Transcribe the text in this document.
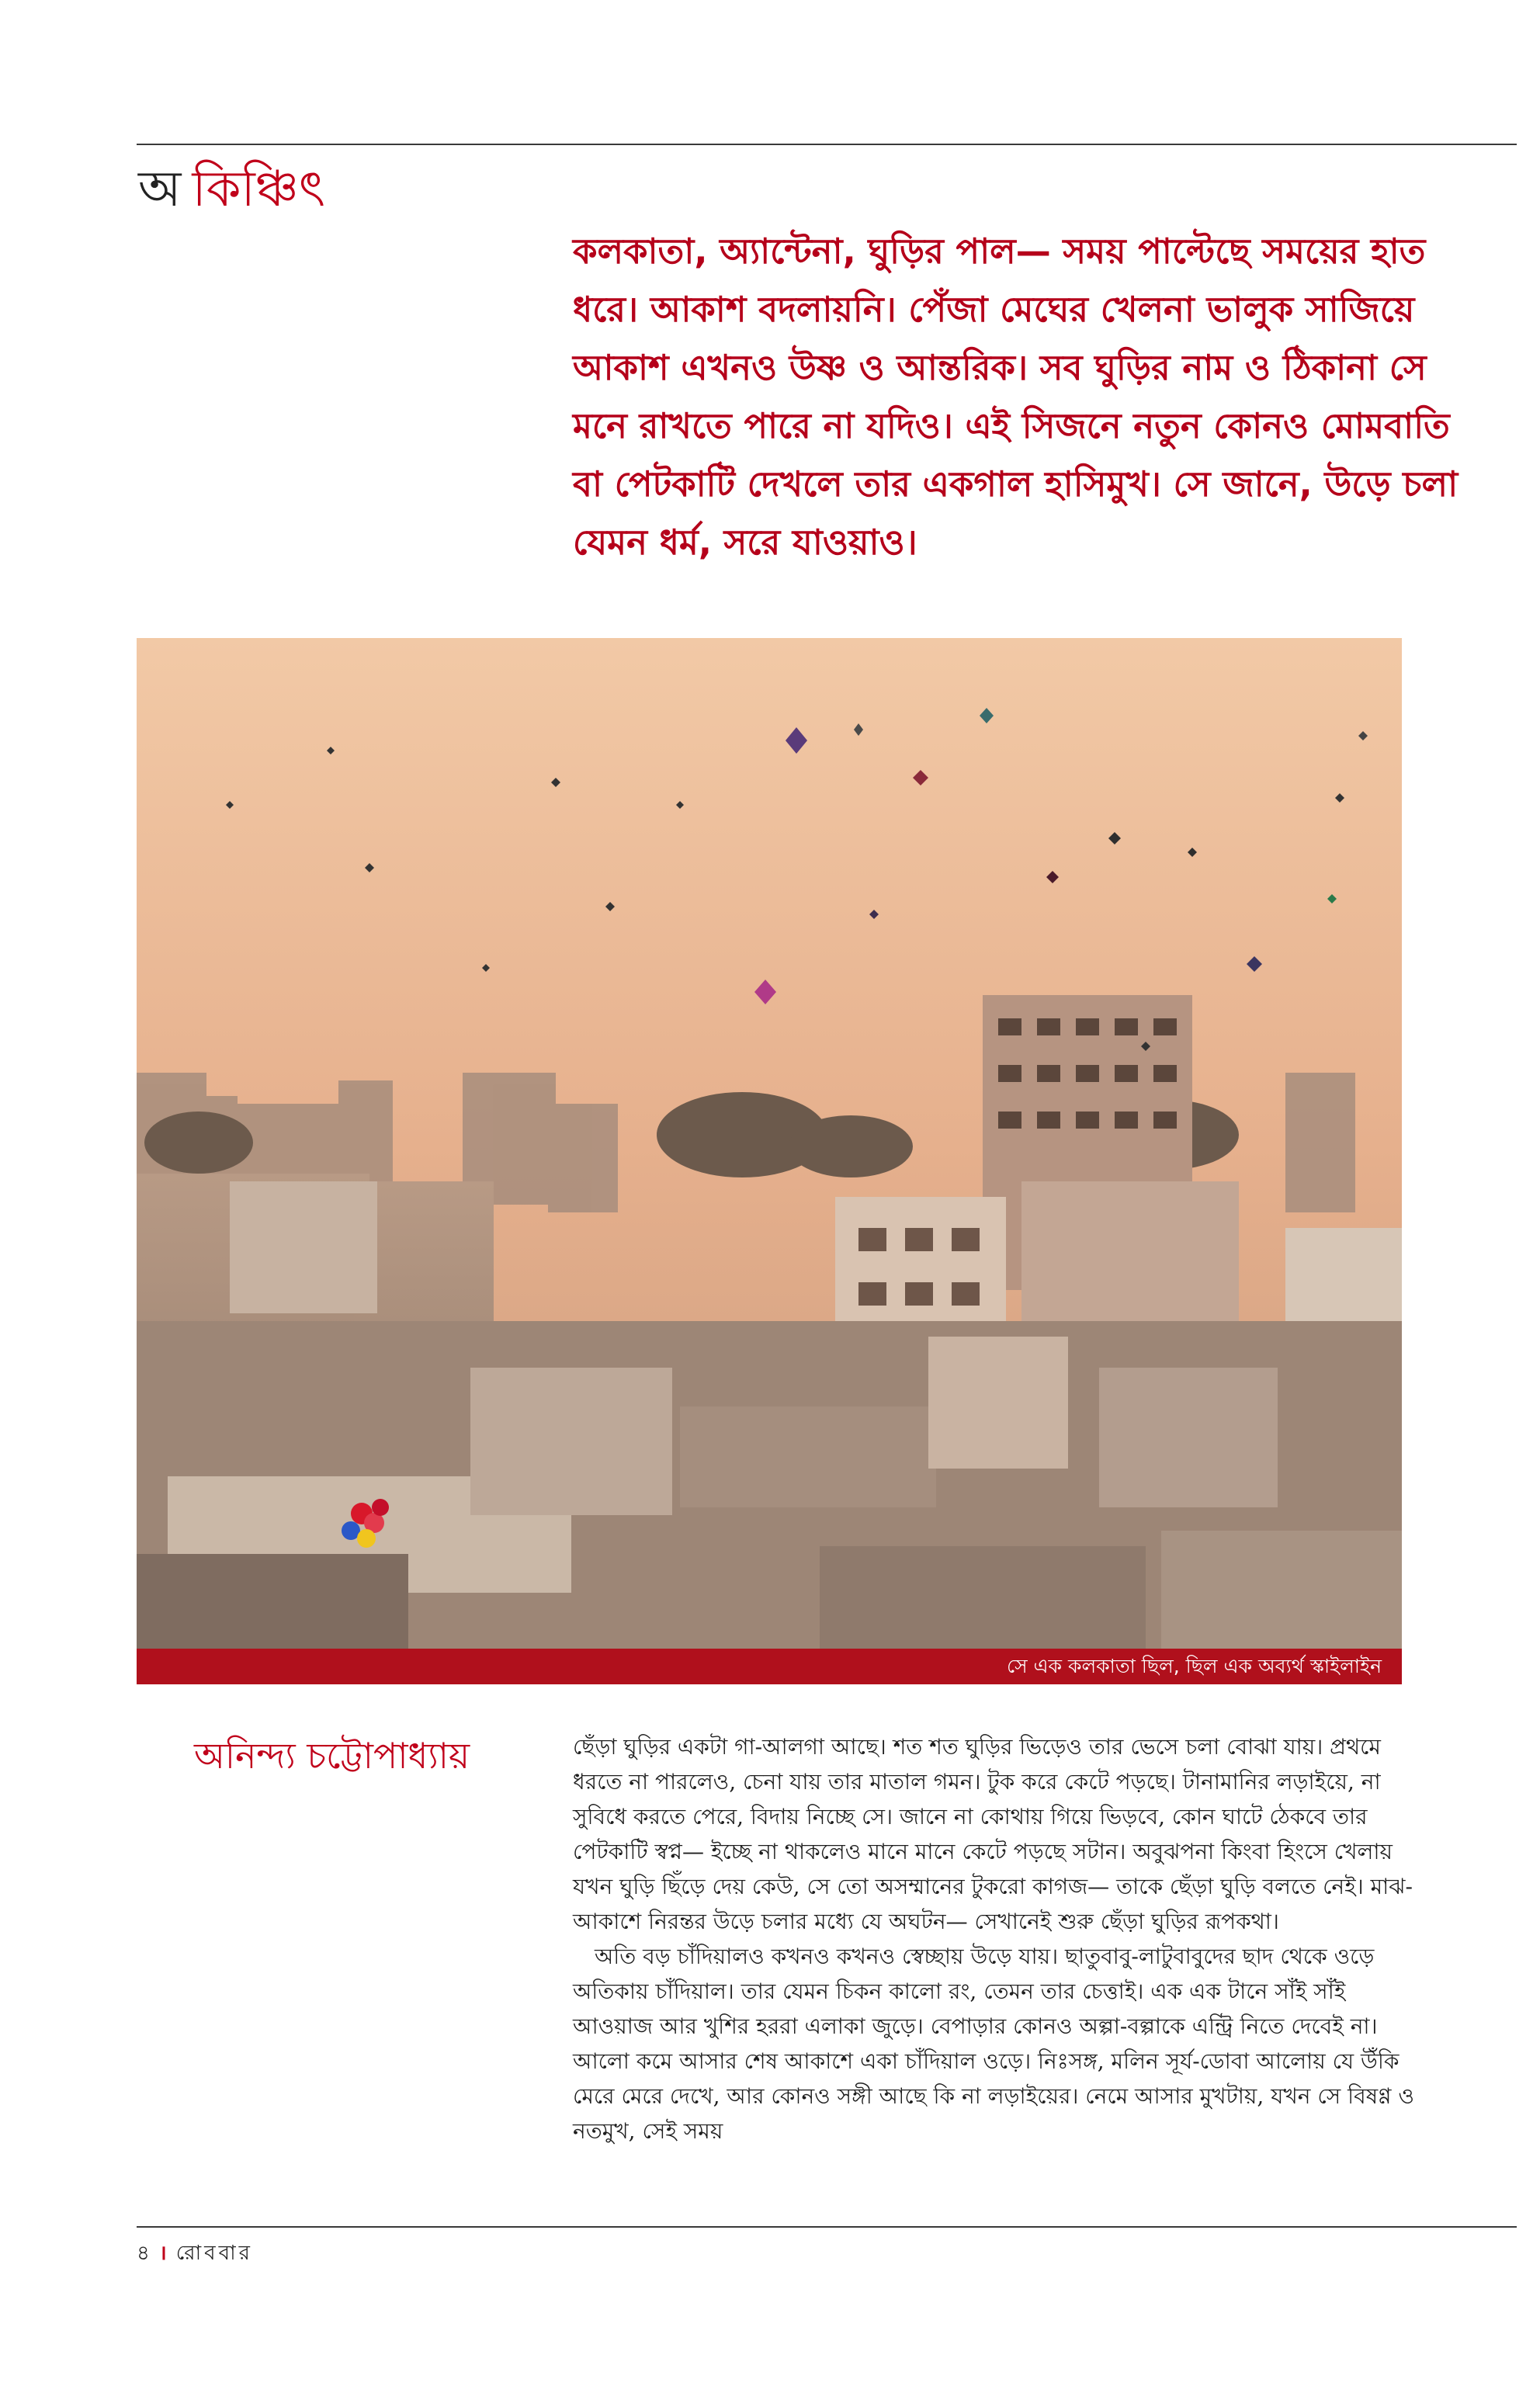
অ কিঞ্চিৎ
কলকাতা, অ্যান্টেনা, ঘুড়ির পাল— সময় পাল্টেছে সময়ের হাত ধরে। আকাশ বদলায়নি। পেঁজা মেঘের খেলনা ভালুক সাজিয়ে আকাশ এখনও উষ্ণ ও আন্তরিক। সব ঘুড়ির নাম ও ঠিকানা সে মনে রাখতে পারে না যদিও। এই সিজনে নতুন কোনও মোমবাতি বা পেটকাটি দেখলে তার একগাল হাসিমুখ। সে জানে, উড়ে চলা যেমন ধর্ম, সরে যাওয়াও।
সে এক কলকাতা ছিল, ছিল এক অব্যর্থ স্কাইলাইন
অনিন্দ্য চট্টোপাধ্যায়	ছেঁড়া ঘুড়ির একটা গা-আলগা আছে। শত শত ঘুড়ির ভিড়েও তার ভেসে চলা বোঝা যায়। প্রথমে ধরতে না পারলেও, চেনা যায় তার মাতাল গমন। টুক করে কেটে পড়ছে। টানামানির লড়াইয়ে, না সুবিধে করতে পেরে, বিদায় নিচ্ছে সে। জানে না কোথায় গিয়ে ভিড়বে, কোন ঘাটে ঠেকবে তার পেটকাটি স্বপ্ন— ইচ্ছে না থাকলেও মানে মানে কেটে পড়ছে সটান। অবুঝপনা কিংবা হিংসে খেলায় যখন ঘুড়ি ছিঁড়ে দেয় কেউ, সে তো অসম্মানের টুকরো কাগজ— তাকে ছেঁড়া ঘুড়ি বলতে নেই। মাঝ-আকাশে নিরন্তর উড়ে চলার মধ্যে যে অঘটন— সেখানেই শুরু ছেঁড়া ঘুড়ির রূপকথা।

অতি বড় চাঁদিয়ালও কখনও কখনও স্বেচ্ছায় উড়ে যায়। ছাতুবাবু-লাটুবাবুদের ছাদ থেকে ওড়ে অতিকায় চাঁদিয়াল। তার যেমন চিকন কালো রং, তেমন তার চেত্তাই। এক এক টানে সাঁই সাঁই আওয়াজ আর খুশির হররা এলাকা জুড়ে। বেপাড়ার কোনও অল্পা-বল্পাকে এন্ট্রি নিতে দেবেই না। আলো কমে আসার শেষ আকাশে একা চাঁদিয়াল ওড়ে। নিঃসঙ্গ, মলিন সূর্য-ডোবা আলোয় যে উঁকি মেরে মেরে দেখে, আর কোনও সঙ্গী আছে কি না লড়াইয়ের। নেমে আসার মুখটায়, যখন সে বিষণ্ণ ও নতমুখ, সেই সময়

৪ । রোববার
